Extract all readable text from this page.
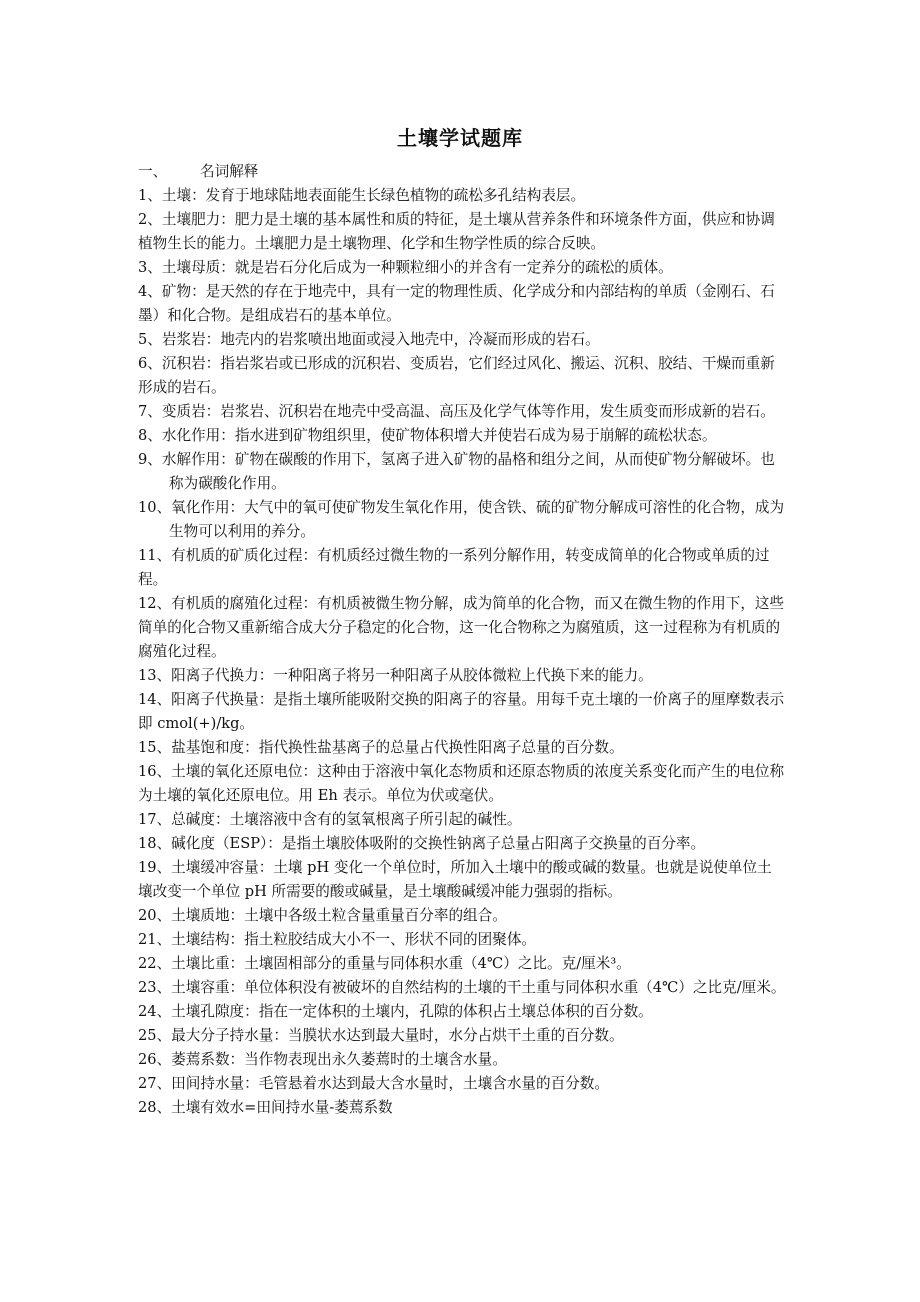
土壤学试题库

一、 名词解释

1、土壤：发育于地球陆地表面能生长绿色植物的疏松多孔结构表层。

2、土壤肥力：肥力是土壤的基本属性和质的特征，是土壤从营养条件和环境条件方面，供应和协调植物生长的能力。土壤肥力是土壤物理、化学和生物学性质的综合反映。

3、土壤母质：就是岩石分化后成为一种颗粒细小的并含有一定养分的疏松的质体。

4、矿物：是天然的存在于地壳中，具有一定的物理性质、化学成分和内部结构的单质（金刚石、石墨）和化合物。是组成岩石的基本单位。

5、岩浆岩：地壳内的岩浆喷出地面或浸入地壳中，冷凝而形成的岩石。

6、沉积岩：指岩浆岩或已形成的沉积岩、变质岩，它们经过风化、搬运、沉积、胶结、干燥而重新形成的岩石。

7、变质岩：岩浆岩、沉积岩在地壳中受高温、高压及化学气体等作用，发生质变而形成新的岩石。

8、水化作用：指水进到矿物组织里，使矿物体积增大并使岩石成为易于崩解的疏松状态。

9、水解作用：矿物在碳酸的作用下，氢离子进入矿物的晶格和组分之间，从而使矿物分解破坏。也称为碳酸化作用。

10、氧化作用：大气中的氧可使矿物发生氧化作用，使含铁、硫的矿物分解成可溶性的化合物，成为生物可以利用的养分。

11、有机质的矿质化过程：有机质经过微生物的一系列分解作用，转变成简单的化合物或单质的过程。

12、有机质的腐殖化过程：有机质被微生物分解，成为简单的化合物，而又在微生物的作用下，这些简单的化合物又重新缩合成大分子稳定的化合物，这一化合物称之为腐殖质，这一过程称为有机质的腐殖化过程。

13、阳离子代换力：一种阳离子将另一种阳离子从胶体微粒上代换下来的能力。

14、阳离子代换量：是指土壤所能吸附交换的阳离子的容量。用每千克土壤的一价离子的厘摩数表示即 cmol(+)/kg。

15、盐基饱和度：指代换性盐基离子的总量占代换性阳离子总量的百分数。

16、土壤的氧化还原电位：这种由于溶液中氧化态物质和还原态物质的浓度关系变化而产生的电位称为土壤的氧化还原电位。用 Eh 表示。单位为伏或毫伏。

17、总碱度：土壤溶液中含有的氢氧根离子所引起的碱性。

18、碱化度（ESP）：是指土壤胶体吸附的交换性钠离子总量占阳离子交换量的百分率。

19、土壤缓冲容量：土壤 pH 变化一个单位时，所加入土壤中的酸或碱的数量。也就是说使单位土壤改变一个单位 pH 所需要的酸或碱量，是土壤酸碱缓冲能力强弱的指标。

20、土壤质地：土壤中各级土粒含量重量百分率的组合。

21、土壤结构：指土粒胶结成大小不一、形状不同的团聚体。

22、土壤比重：土壤固相部分的重量与同体积水重（4℃）之比。克/厘米³。

23、土壤容重：单位体积没有被破坏的自然结构的土壤的干土重与同体积水重（4℃）之比克/厘米。

24、土壤孔隙度：指在一定体积的土壤内，孔隙的体积占土壤总体积的百分数。

25、最大分子持水量：当膜状水达到最大量时，水分占烘干土重的百分数。

26、萎蔫系数：当作物表现出永久萎蔫时的土壤含水量。

27、田间持水量：毛管悬着水达到最大含水量时，土壤含水量的百分数。

28、土壤有效水=田间持水量-萎蔫系数
